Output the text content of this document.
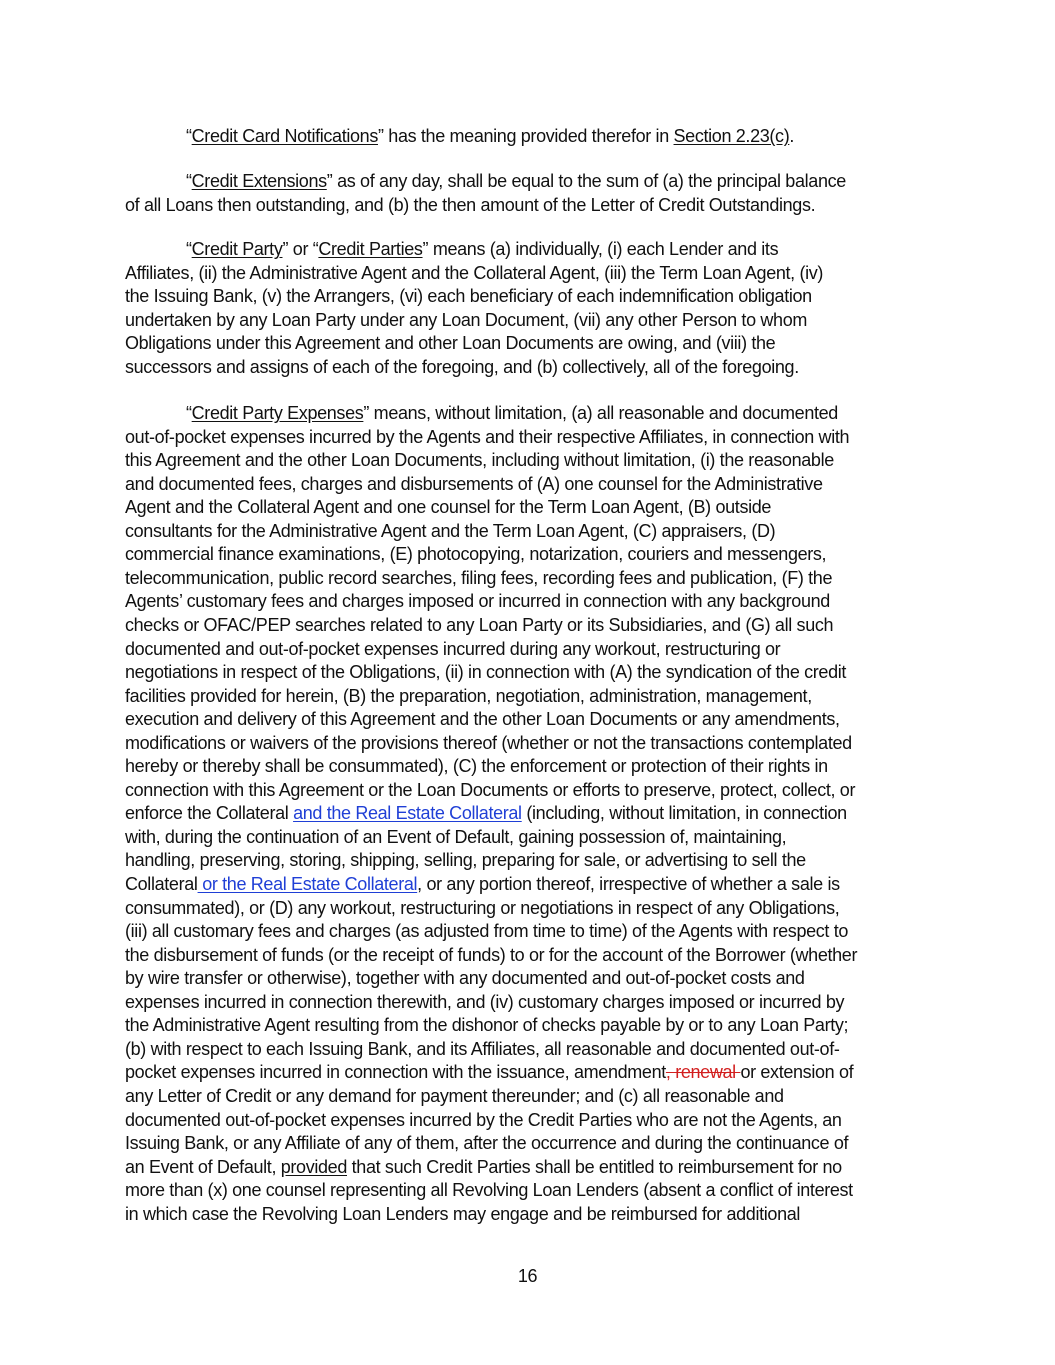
“Credit Card Notifications” has the meaning provided therefor in Section 2.23(c).
“Credit Extensions” as of any day, shall be equal to the sum of (a) the principal balance
of all Loans then outstanding, and (b) the then amount of the Letter of Credit Outstandings.
“Credit Party” or “Credit Parties” means (a) individually, (i) each Lender and its
Affiliates, (ii) the Administrative Agent and the Collateral Agent, (iii) the Term Loan Agent, (iv)
the Issuing Bank, (v) the Arrangers, (vi) each beneficiary of each indemnification obligation
undertaken by any Loan Party under any Loan Document, (vii) any other Person to whom
Obligations under this Agreement and other Loan Documents are owing, and (viii) the
successors and assigns of each of the foregoing, and (b) collectively, all of the foregoing.
“Credit Party Expenses” means, without limitation, (a) all reasonable and documented
out-of-pocket expenses incurred by the Agents and their respective Affiliates, in connection with
this Agreement and the other Loan Documents, including without limitation, (i) the reasonable
and documented fees, charges and disbursements of (A) one counsel for the Administrative
Agent and the Collateral Agent and one counsel for the Term Loan Agent, (B) outside
consultants for the Administrative Agent and the Term Loan Agent, (C) appraisers, (D)
commercial finance examinations, (E) photocopying, notarization, couriers and messengers,
telecommunication, public record searches, filing fees, recording fees and publication, (F) the
Agents’ customary fees and charges imposed or incurred in connection with any background
checks or OFAC/PEP searches related to any Loan Party or its Subsidiaries, and (G) all such
documented and out-of-pocket expenses incurred during any workout, restructuring or
negotiations in respect of the Obligations, (ii) in connection with (A) the syndication of the credit
facilities provided for herein, (B) the preparation, negotiation, administration, management,
execution and delivery of this Agreement and the other Loan Documents or any amendments,
modifications or waivers of the provisions thereof (whether or not the transactions contemplated
hereby or thereby shall be consummated), (C) the enforcement or protection of their rights in
connection with this Agreement or the Loan Documents or efforts to preserve, protect, collect, or
enforce the Collateral and the Real Estate Collateral (including, without limitation, in connection
with, during the continuation of an Event of Default, gaining possession of, maintaining,
handling, preserving, storing, shipping, selling, preparing for sale, or advertising to sell the
Collateral or the Real Estate Collateral, or any portion thereof, irrespective of whether a sale is
consummated), or (D) any workout, restructuring or negotiations in respect of any Obligations,
(iii) all customary fees and charges (as adjusted from time to time) of the Agents with respect to
the disbursement of funds (or the receipt of funds) to or for the account of the Borrower (whether
by wire transfer or otherwise), together with any documented and out-of-pocket costs and
expenses incurred in connection therewith, and (iv) customary charges imposed or incurred by
the Administrative Agent resulting from the dishonor of checks payable by or to any Loan Party;
(b) with respect to each Issuing Bank, and its Affiliates, all reasonable and documented out-of-
pocket expenses incurred in connection with the issuance, amendment, renewal or extension of
any Letter of Credit or any demand for payment thereunder; and (c) all reasonable and
documented out-of-pocket expenses incurred by the Credit Parties who are not the Agents, an
Issuing Bank, or any Affiliate of any of them, after the occurrence and during the continuance of
an Event of Default, provided that such Credit Parties shall be entitled to reimbursement for no
more than (x) one counsel representing all Revolving Loan Lenders (absent a conflict of interest
in which case the Revolving Loan Lenders may engage and be reimbursed for additional
16
